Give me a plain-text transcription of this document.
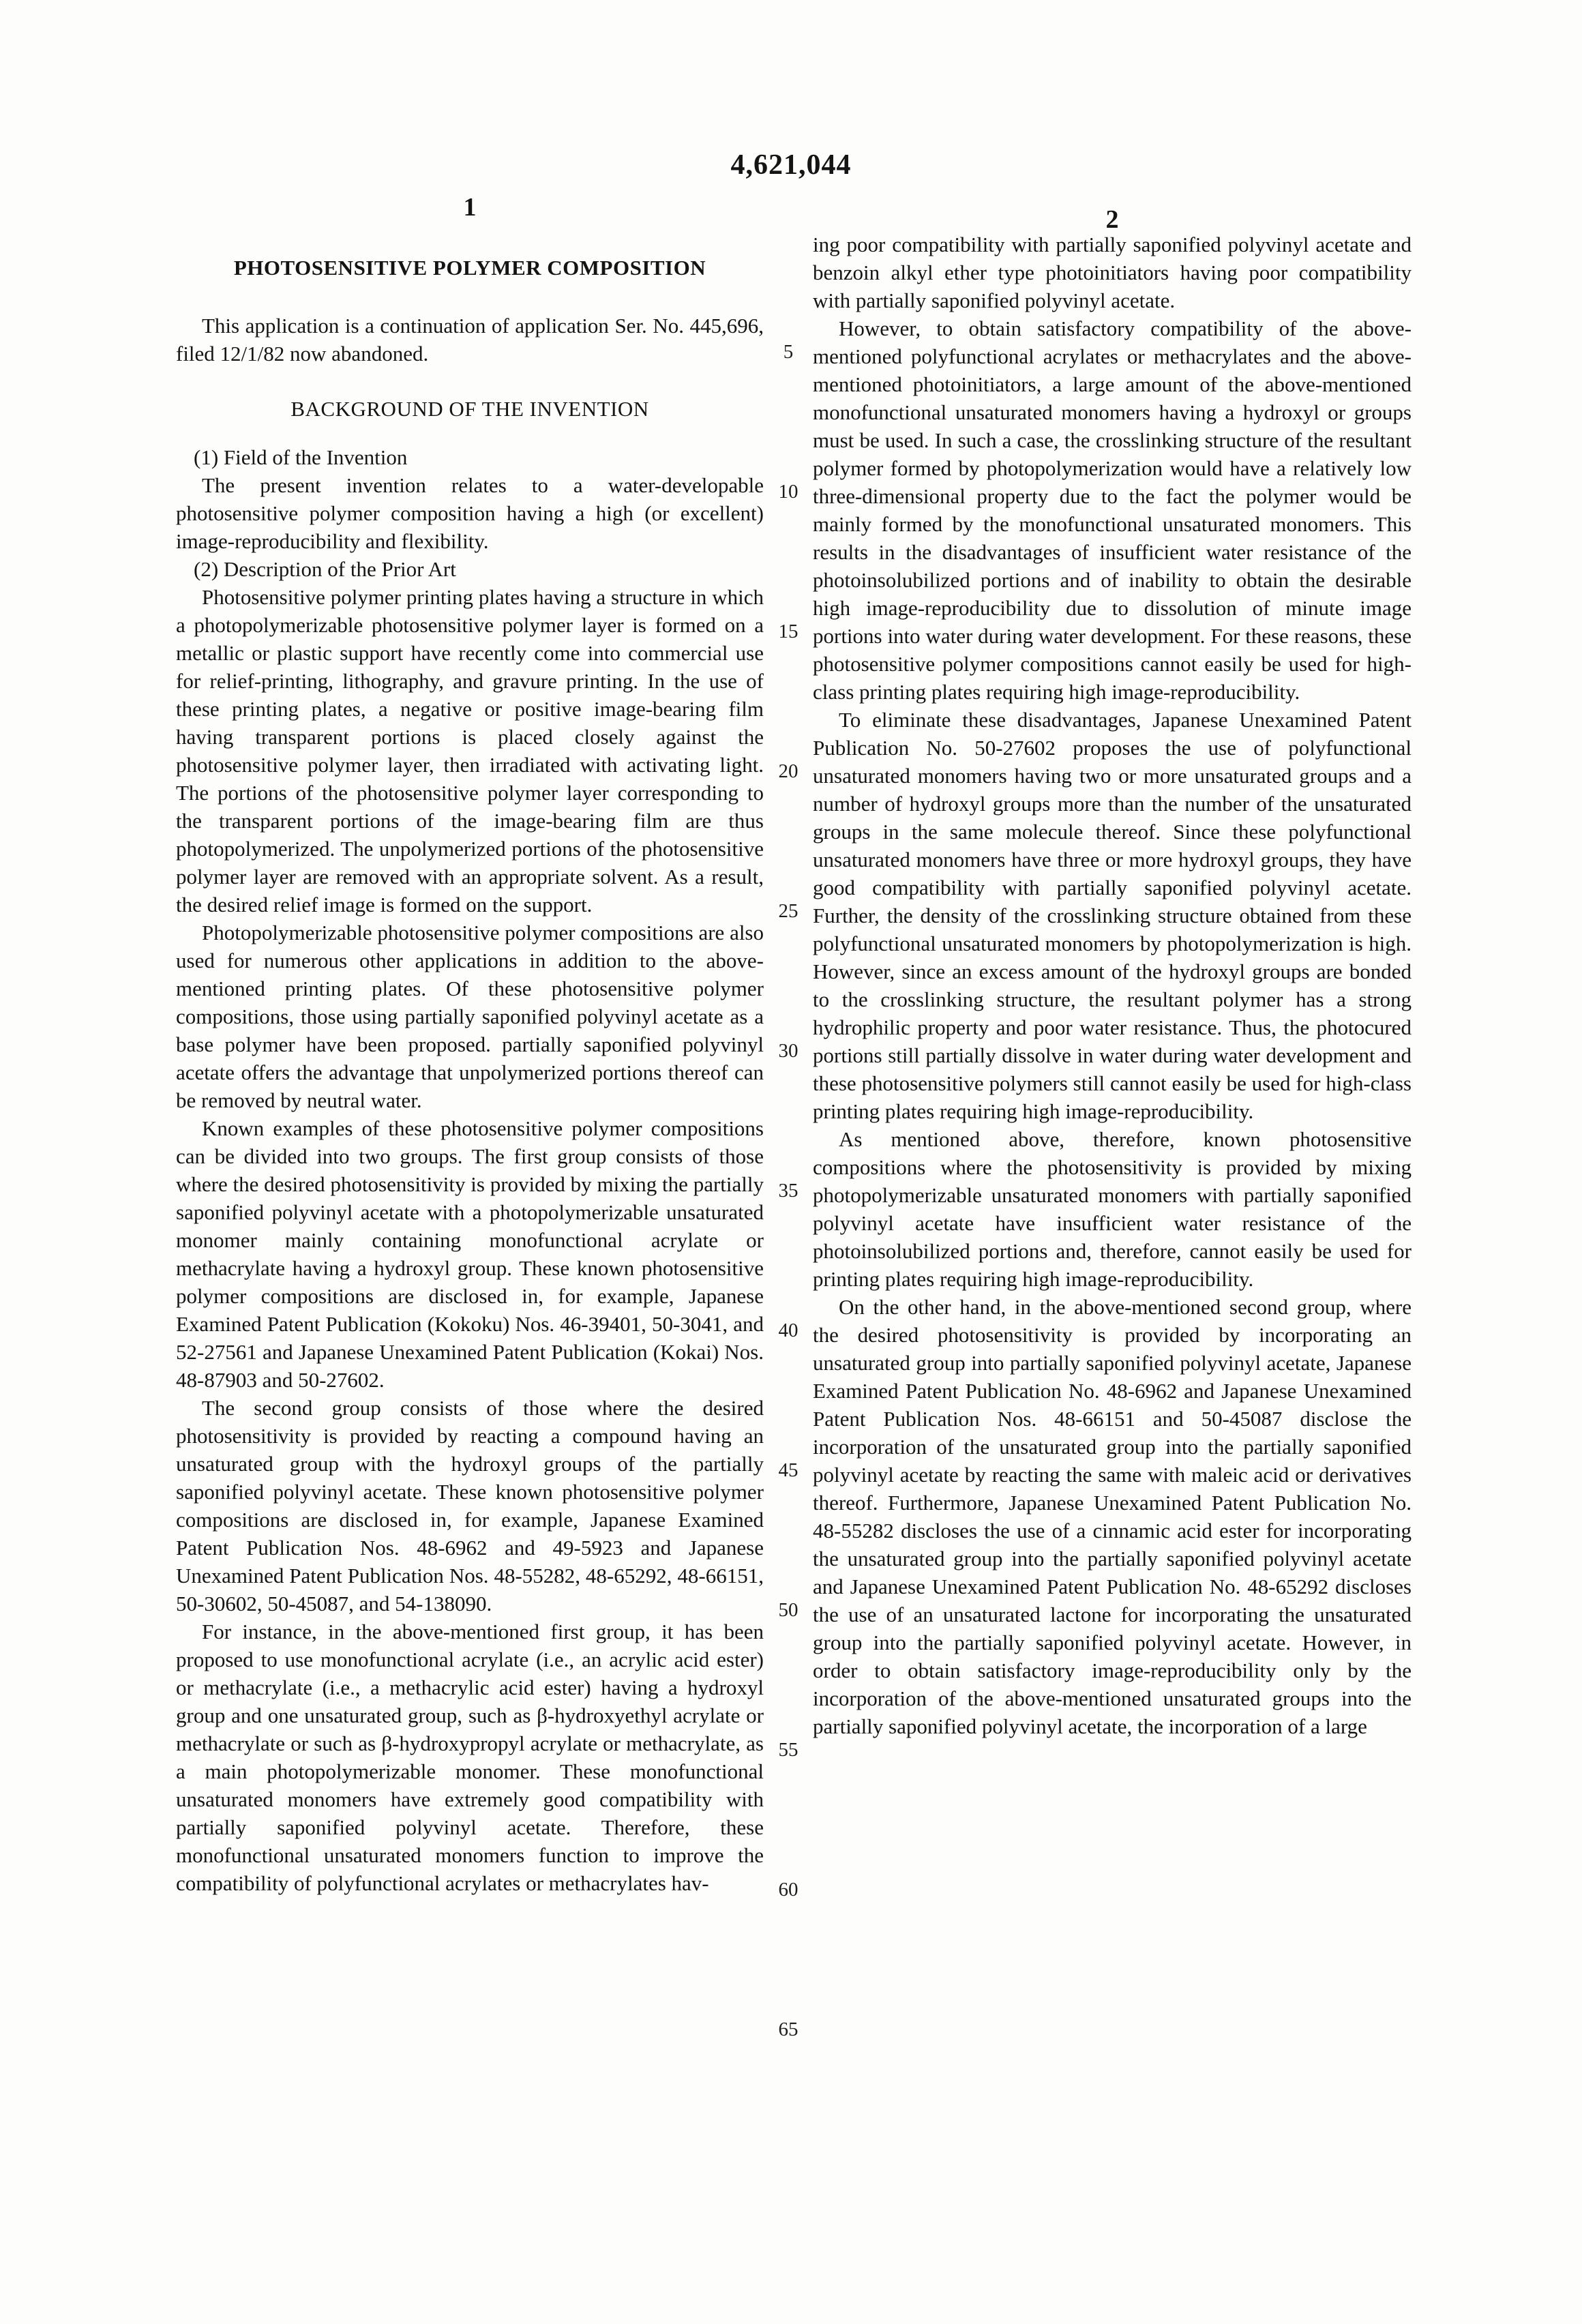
4,621,044
1	2
5
10
15
20
25
30
35
40
45
50
55
60
65
PHOTOSENSITIVE POLYMER COMPOSITION

This application is a continuation of application Ser. No. 445,696, filed 12/1/82 now abandoned.

BACKGROUND OF THE INVENTION

(1) Field of the Invention

The present invention relates to a water-developable photosensitive polymer composition having a high (or excellent) image-reproducibility and flexibility.

(2) Description of the Prior Art

Photosensitive polymer printing plates having a structure in which a photopolymerizable photosensitive polymer layer is formed on a metallic or plastic support have recently come into commercial use for relief-printing, lithography, and gravure printing. In the use of these printing plates, a negative or positive image-bearing film having transparent portions is placed closely against the photosensitive polymer layer, then irradiated with activating light. The portions of the photosensitive polymer layer corresponding to the transparent portions of the image-bearing film are thus photopolymerized. The unpolymerized portions of the photosensitive polymer layer are removed with an appropriate solvent. As a result, the desired relief image is formed on the support.

Photopolymerizable photosensitive polymer compositions are also used for numerous other applications in addition to the above-mentioned printing plates. Of these photosensitive polymer compositions, those using partially saponified polyvinyl acetate as a base polymer have been proposed. partially saponified polyvinyl acetate offers the advantage that unpolymerized portions thereof can be removed by neutral water.

Known examples of these photosensitive polymer compositions can be divided into two groups. The first group consists of those where the desired photosensitivity is provided by mixing the partially saponified polyvinyl acetate with a photopolymerizable unsaturated monomer mainly containing monofunctional acrylate or methacrylate having a hydroxyl group. These known photosensitive polymer compositions are disclosed in, for example, Japanese Examined Patent Publication (Kokoku) Nos. 46-39401, 50-3041, and 52-27561 and Japanese Unexamined Patent Publication (Kokai) Nos. 48-87903 and 50-27602.

The second group consists of those where the desired photosensitivity is provided by reacting a compound having an unsaturated group with the hydroxyl groups of the partially saponified polyvinyl acetate. These known photosensitive polymer compositions are disclosed in, for example, Japanese Examined Patent Publication Nos. 48-6962 and 49-5923 and Japanese Unexamined Patent Publication Nos. 48-55282, 48-65292, 48-66151, 50-30602, 50-45087, and 54-138090.

For instance, in the above-mentioned first group, it has been proposed to use monofunctional acrylate (i.e., an acrylic acid ester) or methacrylate (i.e., a methacrylic acid ester) having a hydroxyl group and one unsaturated group, such as β-hydroxyethyl acrylate or methacrylate or such as β-hydroxypropyl acrylate or methacrylate, as a main photopolymerizable monomer. These monofunctional unsaturated monomers have extremely good compatibility with partially saponified polyvinyl acetate. Therefore, these monofunctional unsaturated monomers function to improve the compatibility of polyfunctional acrylates or methacrylates hav-

ing poor compatibility with partially saponified polyvinyl acetate and benzoin alkyl ether type photoinitiators having poor compatibility with partially saponified polyvinyl acetate.

However, to obtain satisfactory compatibility of the above-mentioned polyfunctional acrylates or methacrylates and the above-mentioned photoinitiators, a large amount of the above-mentioned monofunctional unsaturated monomers having a hydroxyl or groups must be used. In such a case, the crosslinking structure of the resultant polymer formed by photopolymerization would have a relatively low three-dimensional property due to the fact the polymer would be mainly formed by the monofunctional unsaturated monomers. This results in the disadvantages of insufficient water resistance of the photoinsolubilized portions and of inability to obtain the desirable high image-reproducibility due to dissolution of minute image portions into water during water development. For these reasons, these photosensitive polymer compositions cannot easily be used for high-class printing plates requiring high image-reproducibility.

To eliminate these disadvantages, Japanese Unexamined Patent Publication No. 50-27602 proposes the use of polyfunctional unsaturated monomers having two or more unsaturated groups and a number of hydroxyl groups more than the number of the unsaturated groups in the same molecule thereof. Since these polyfunctional unsaturated monomers have three or more hydroxyl groups, they have good compatibility with partially saponified polyvinyl acetate. Further, the density of the crosslinking structure obtained from these polyfunctional unsaturated monomers by photopolymerization is high. However, since an excess amount of the hydroxyl groups are bonded to the crosslinking structure, the resultant polymer has a strong hydrophilic property and poor water resistance. Thus, the photocured portions still partially dissolve in water during water development and these photosensitive polymers still cannot easily be used for high-class printing plates requiring high image-reproducibility.

As mentioned above, therefore, known photosensitive compositions where the photosensitivity is provided by mixing photopolymerizable unsaturated monomers with partially saponified polyvinyl acetate have insufficient water resistance of the photoinsolubilized portions and, therefore, cannot easily be used for printing plates requiring high image-reproducibility.

On the other hand, in the above-mentioned second group, where the desired photosensitivity is provided by incorporating an unsaturated group into partially saponified polyvinyl acetate, Japanese Examined Patent Publication No. 48-6962 and Japanese Unexamined Patent Publication Nos. 48-66151 and 50-45087 disclose the incorporation of the unsaturated group into the partially saponified polyvinyl acetate by reacting the same with maleic acid or derivatives thereof. Furthermore, Japanese Unexamined Patent Publication No. 48-55282 discloses the use of a cinnamic acid ester for incorporating the unsaturated group into the partially saponified polyvinyl acetate and Japanese Unexamined Patent Publication No. 48-65292 discloses the use of an unsaturated lactone for incorporating the unsaturated group into the partially saponified polyvinyl acetate. However, in order to obtain satisfactory image-reproducibility only by the incorporation of the above-mentioned unsaturated groups into the partially saponified polyvinyl acetate, the incorporation of a large
